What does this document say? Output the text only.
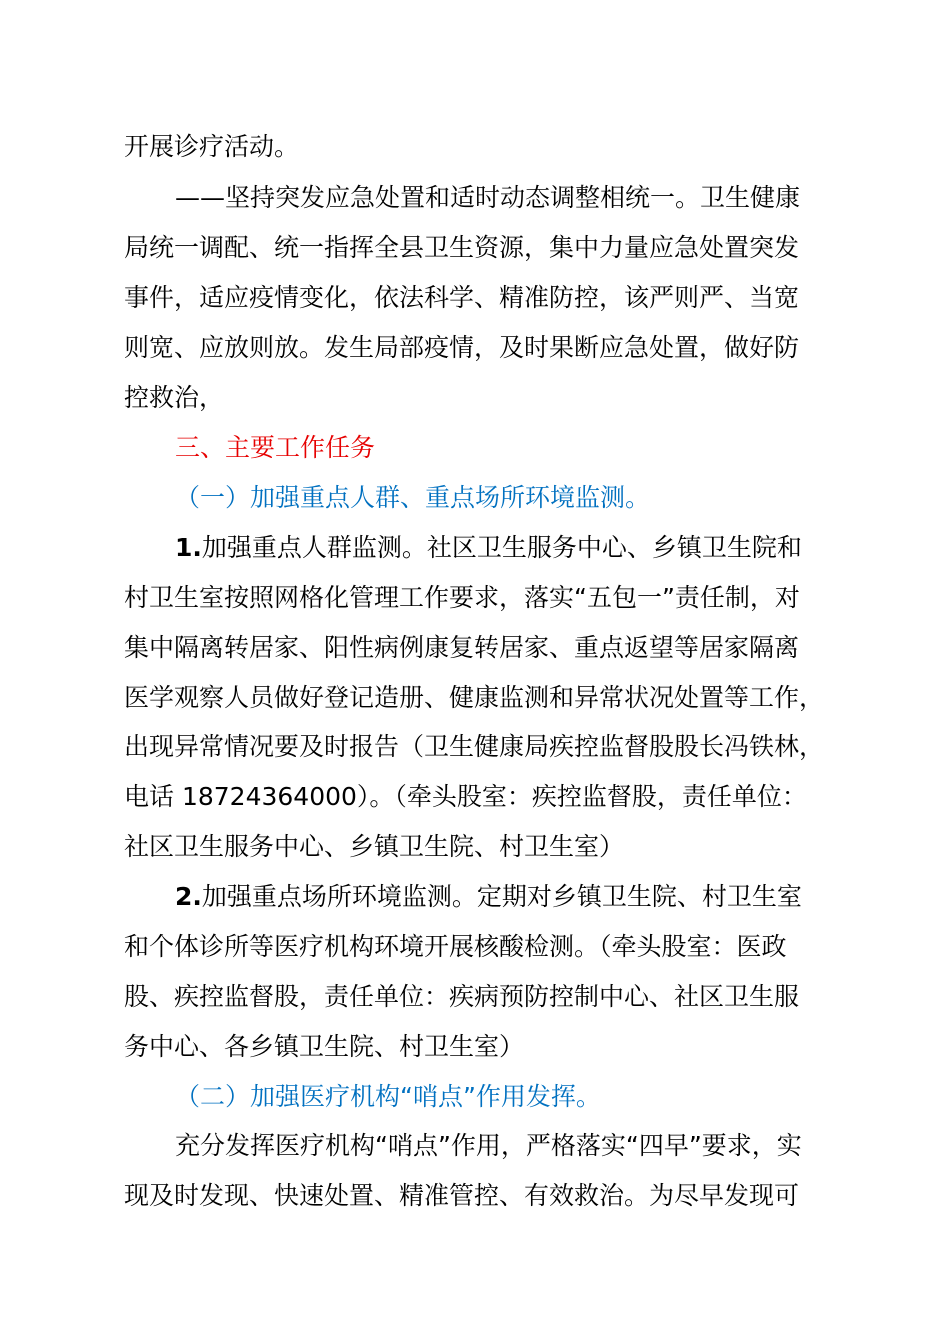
开展诊疗活动。
——坚持突发应急处置和适时动态调整相统一。卫生健康
局统一调配、统一指挥全县卫生资源，集中力量应急处置突发
事件，适应疫情变化，依法科学、精准防控，该严则严、当宽
则宽、应放则放。发生局部疫情，及时果断应急处置，做好防
控救治，
三、主要工作任务
（一）加强重点人群、重点场所环境监测。
1.加强重点人群监测。社区卫生服务中心、乡镇卫生院和
村卫生室按照网格化管理工作要求，落实“五包一”责任制，对
集中隔离转居家、阳性病例康复转居家、重点返望等居家隔离
医学观察人员做好登记造册、健康监测和异常状况处置等工作，
出现异常情况要及时报告（卫生健康局疾控监督股股长冯铁林，
电话 18724364000）。（牵头股室：疾控监督股，责任单位：
社区卫生服务中心、乡镇卫生院、村卫生室）
2.加强重点场所环境监测。定期对乡镇卫生院、村卫生室
和个体诊所等医疗机构环境开展核酸检测。（牵头股室：医政
股、疾控监督股，责任单位：疾病预防控制中心、社区卫生服
务中心、各乡镇卫生院、村卫生室）
（二）加强医疗机构“哨点”作用发挥。
充分发挥医疗机构“哨点”作用，严格落实“四早”要求，实
现及时发现、快速处置、精准管控、有效救治。为尽早发现可
